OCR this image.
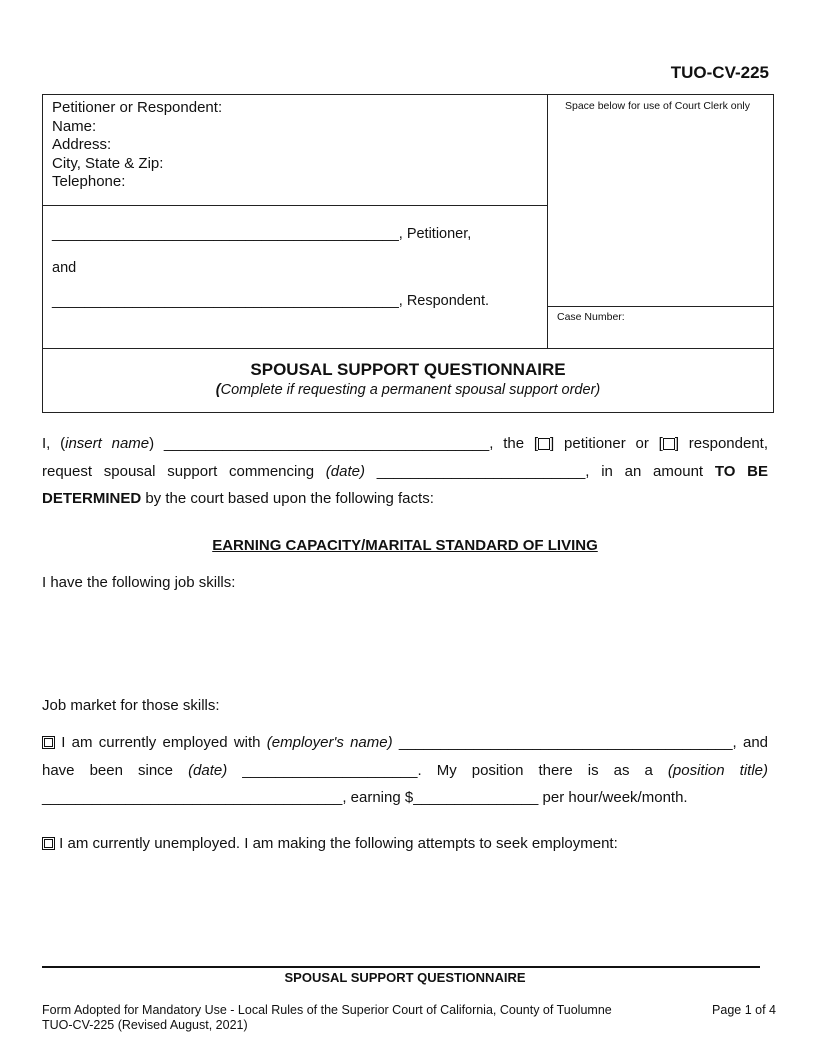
TUO-CV-225
Petitioner or Respondent:
Name:
Address:
City, State & Zip:
Telephone:
___________________________________________, Petitioner,
and
___________________________________________, Respondent.
Space below for use of Court Clerk only
Case Number:
SPOUSAL SUPPORT QUESTIONNAIRE
(Complete if requesting a permanent spousal support order)
I, (insert name) _______________________________________, the [ ] petitioner or [ ] respondent, request spousal support commencing (date) _________________________, in an amount TO BE DETERMINED by the court based upon the following facts:
EARNING CAPACITY/MARITAL STANDARD OF LIVING
I have the following job skills:
Job market for those skills:
I am currently employed with (employer's name) ________________________________________, and have been since (date) _____________________. My position there is as a (position title) ____________________________________, earning $_______________ per hour/week/month.
I am currently unemployed. I am making the following attempts to seek employment:
SPOUSAL SUPPORT QUESTIONNAIRE
Form Adopted for Mandatory Use - Local Rules of the Superior Court of California, County of Tuolumne
TUO-CV-225 (Revised August, 2021)
Page 1 of 4
